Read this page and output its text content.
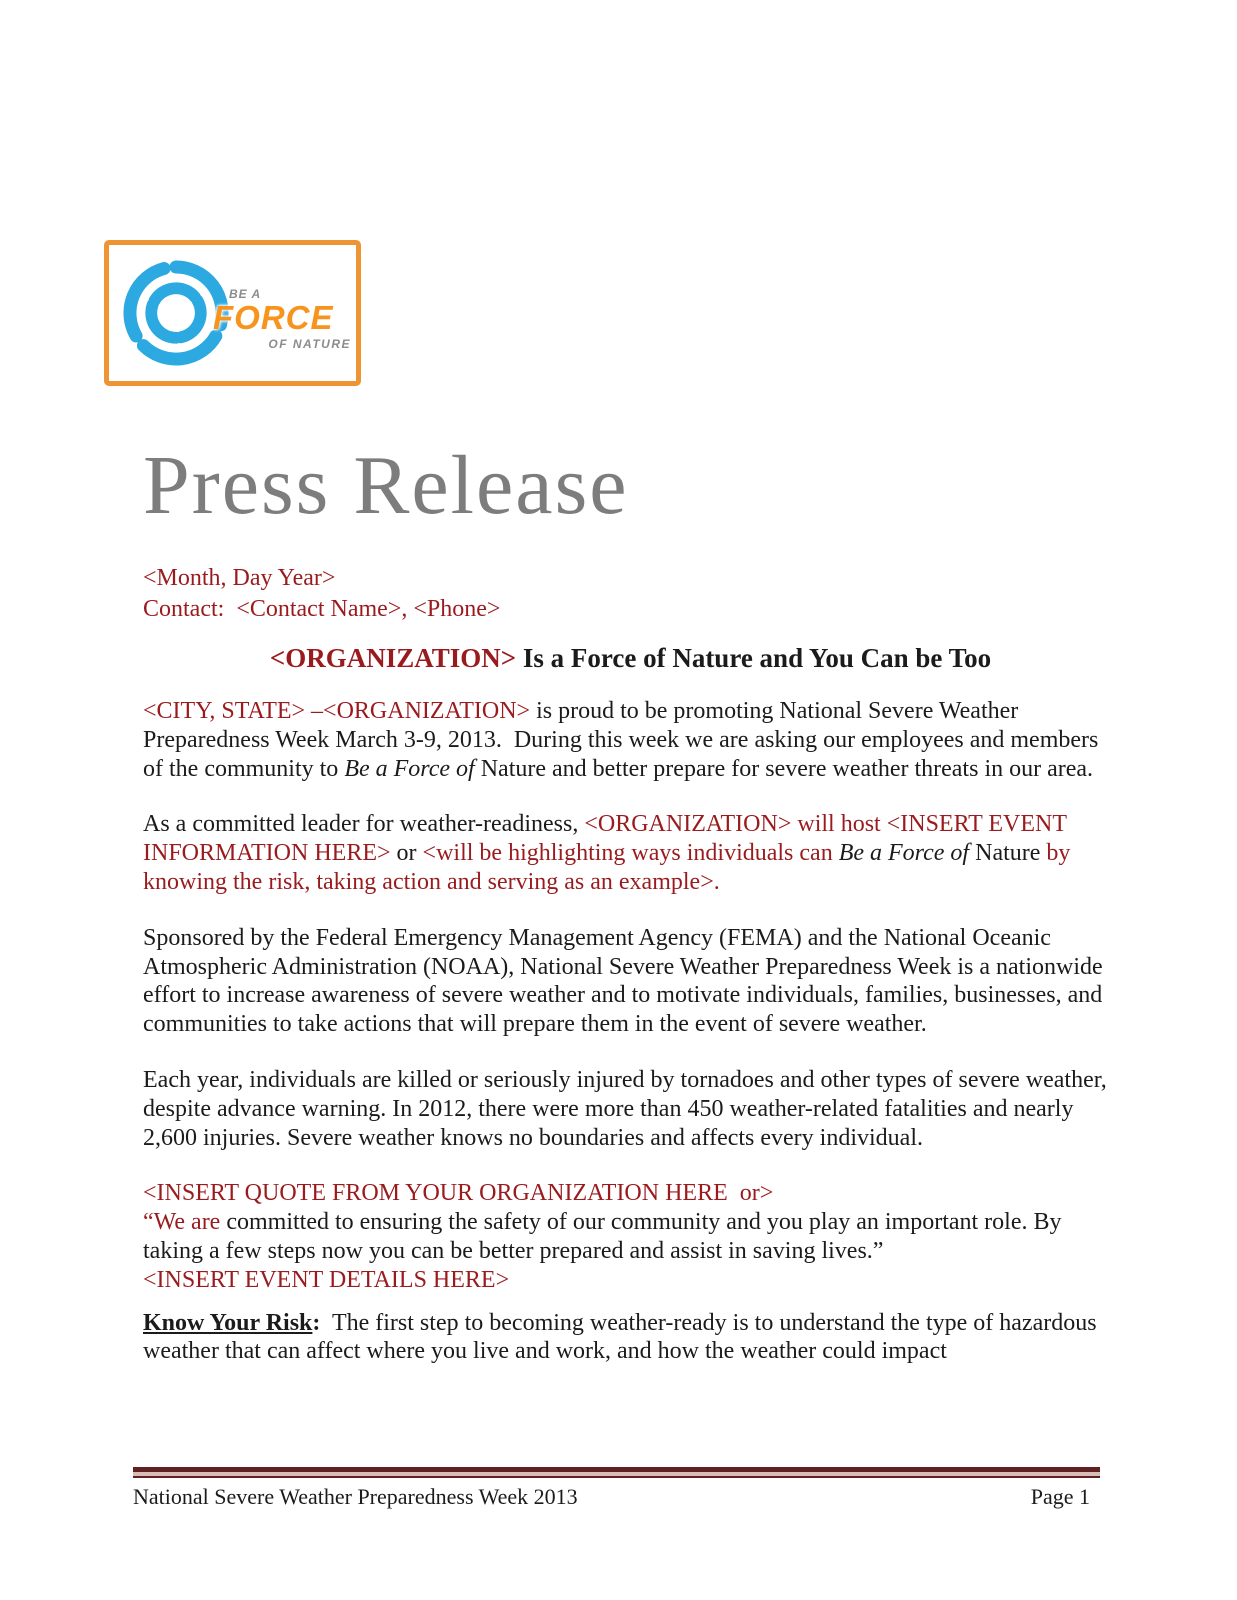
BE A
FORCE
OF NATURE
Press Release
<Month, Day Year>
Contact:  <Contact Name>, <Phone>
<ORGANIZATION> Is a Force of Nature and You Can be Too

<CITY, STATE> –<ORGANIZATION> is proud to be promoting National Severe Weather Preparedness Week March 3-9, 2013.  During this week we are asking our employees and members of the community to Be a Force of Nature and better prepare for severe weather threats in our area.

As a committed leader for weather-readiness, <ORGANIZATION> will host <INSERT EVENT INFORMATION HERE> or <will be highlighting ways individuals can Be a Force of Nature by knowing the risk, taking action and serving as an example>.

Sponsored by the Federal Emergency Management Agency (FEMA) and the National Oceanic Atmospheric Administration (NOAA), National Severe Weather Preparedness Week is a nationwide effort to increase awareness of severe weather and to motivate individuals, families, businesses, and communities to take actions that will prepare them in the event of severe weather.

Each year, individuals are killed or seriously injured by tornadoes and other types of severe weather, despite advance warning. In 2012, there were more than 450 weather-related fatalities and nearly 2,600 injuries. Severe weather knows no boundaries and affects every individual.

<INSERT QUOTE FROM YOUR ORGANIZATION HERE  or>

“We are committed to ensuring the safety of our community and you play an important role. By taking a few steps now you can be better prepared and assist in saving lives.”

<INSERT EVENT DETAILS HERE>

Know Your Risk:  The first step to becoming weather-ready is to understand the type of hazardous weather that can affect where you live and work, and how the weather could impact

National Severe Weather Preparedness Week 2013	Page 1
